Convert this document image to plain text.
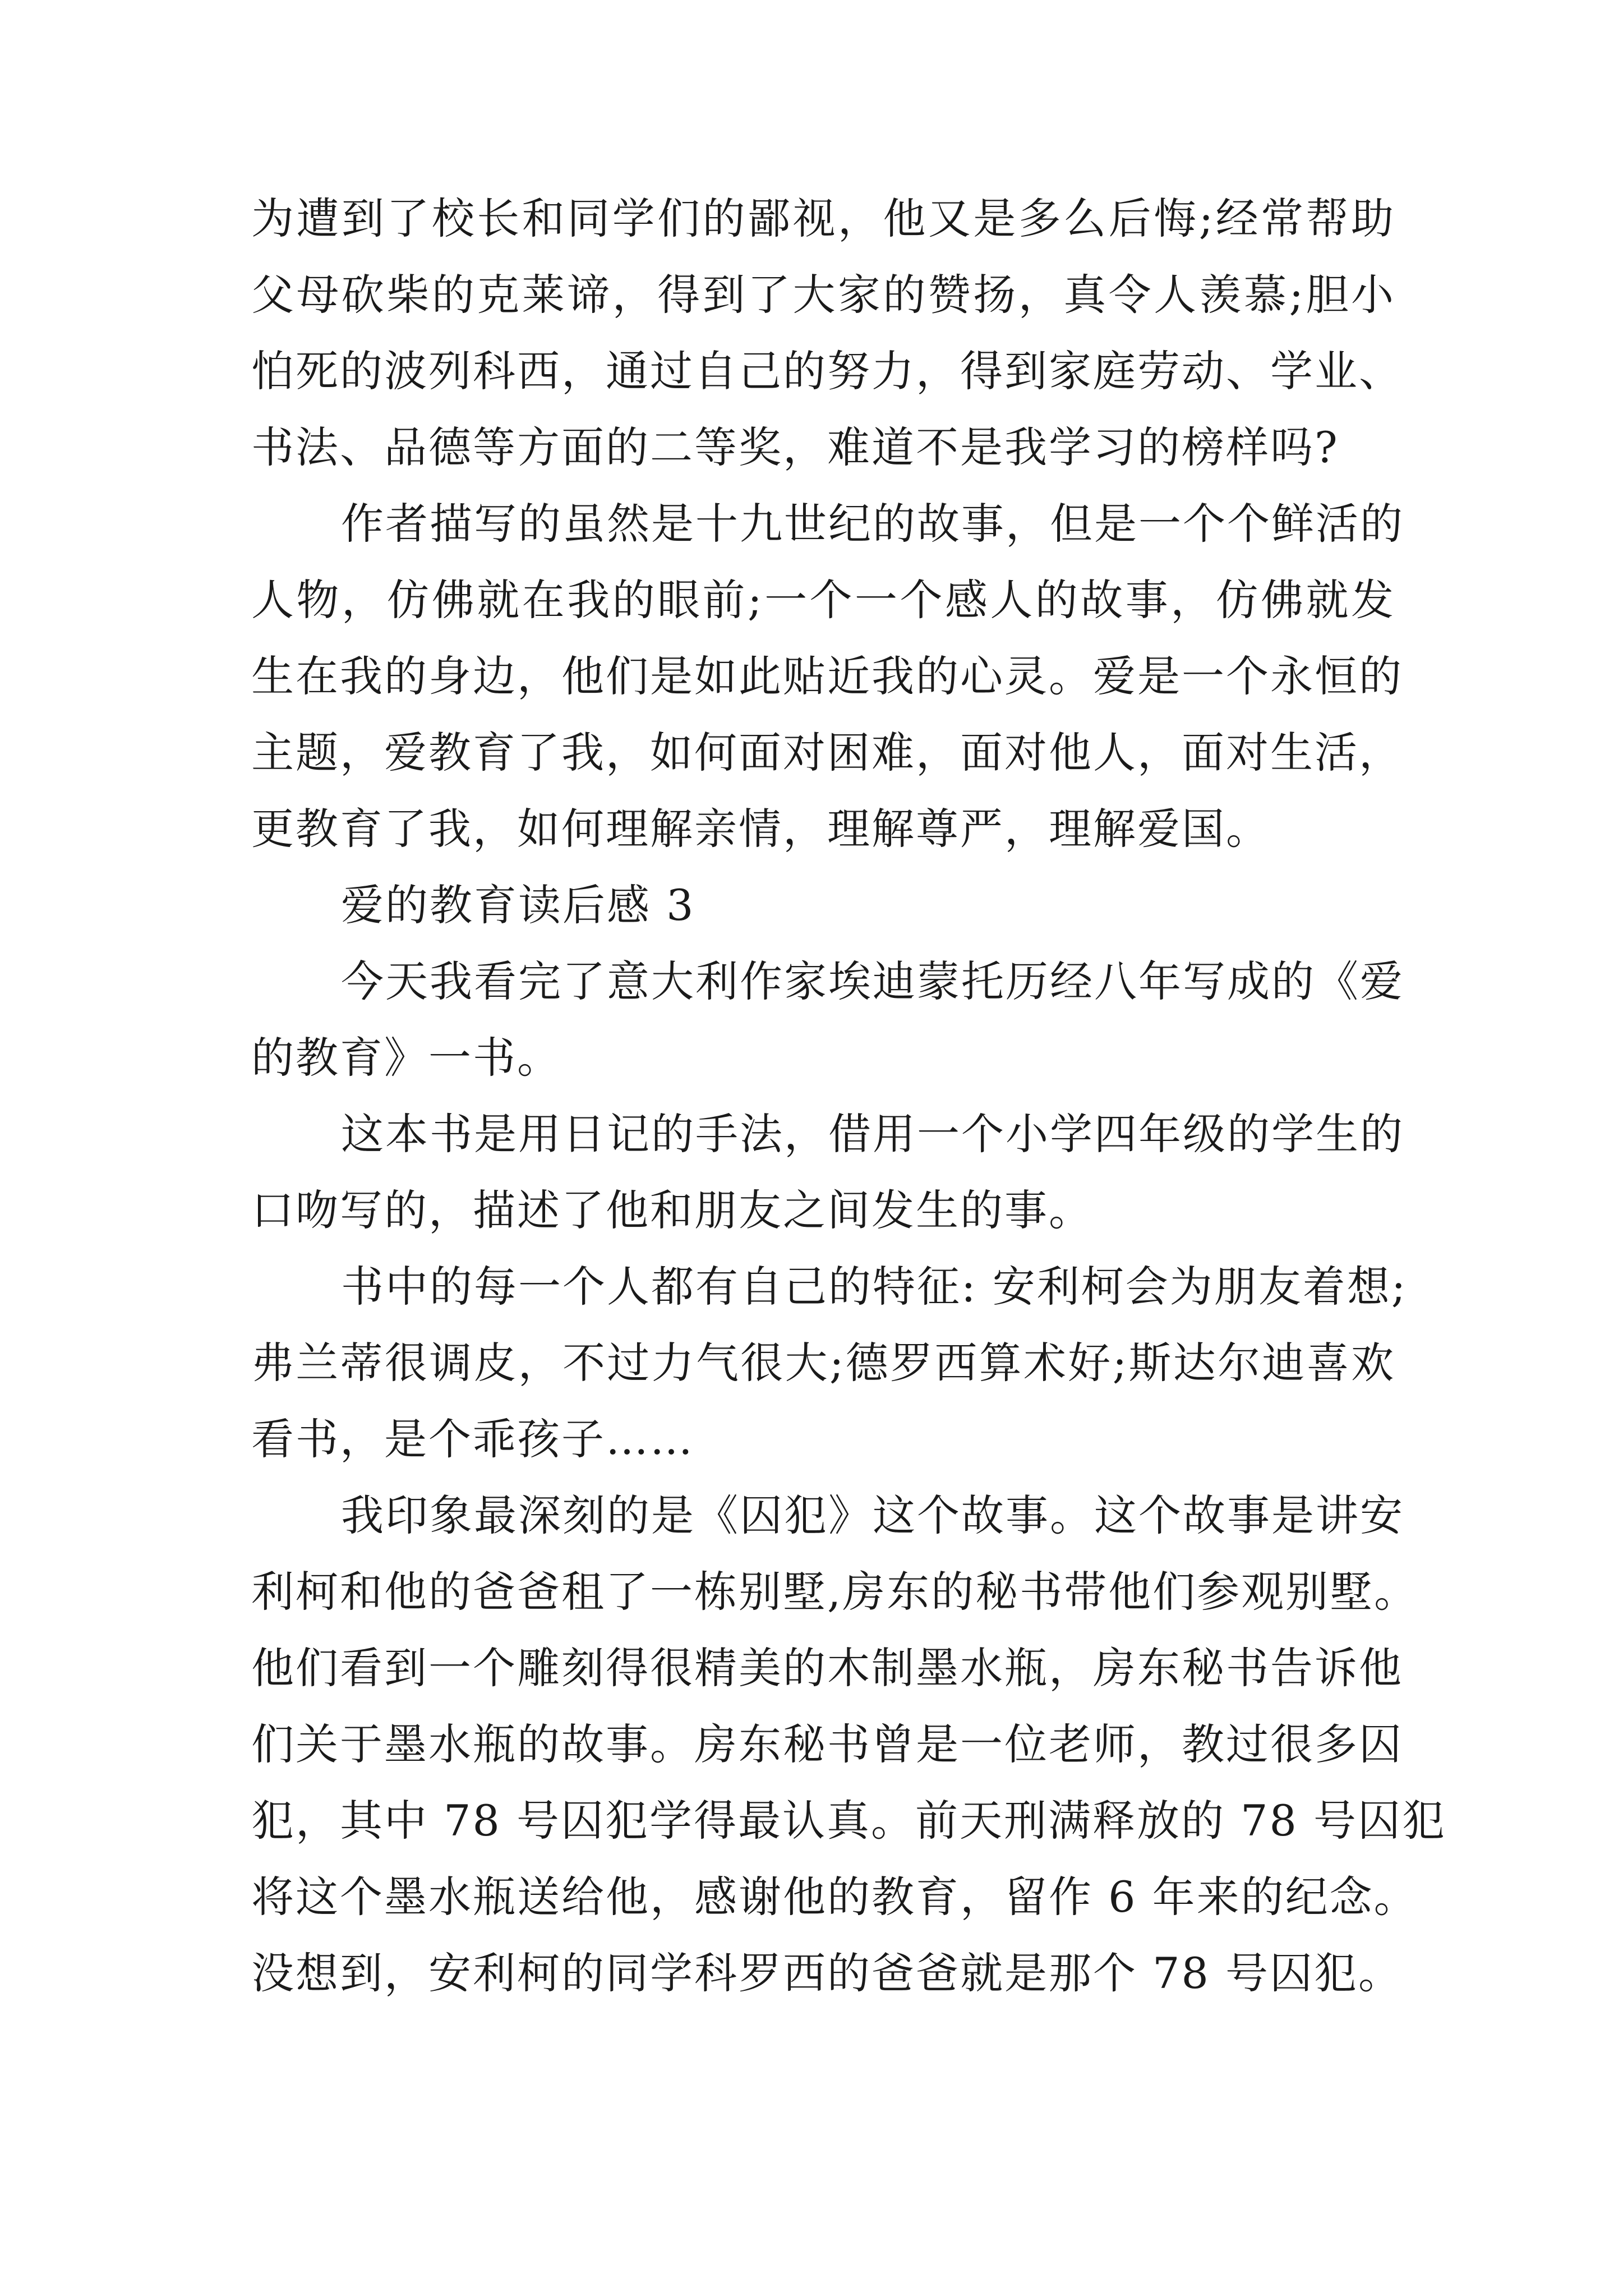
为遭到了校长和同学们的鄙视，他又是多么后悔;经常帮助
父母砍柴的克莱谛，得到了大家的赞扬，真令人羡慕;胆小
怕死的波列科西，通过自己的努力，得到家庭劳动、学业、
书法、品德等方面的二等奖，难道不是我学习的榜样吗?
作者描写的虽然是十九世纪的故事，但是一个个鲜活的
人物，仿佛就在我的眼前;一个一个感人的故事，仿佛就发
生在我的身边，他们是如此贴近我的心灵。爱是一个永恒的
主题，爱教育了我，如何面对困难，面对他人，面对生活，
更教育了我，如何理解亲情，理解尊严，理解爱国。
爱的教育读后感 3
今天我看完了意大利作家埃迪蒙托历经八年写成的《爱
的教育》一书。
这本书是用日记的手法，借用一个小学四年级的学生的
口吻写的，描述了他和朋友之间发生的事。
书中的每一个人都有自己的特征: 安利柯会为朋友着想;
弗兰蒂很调皮，不过力气很大;德罗西算术好;斯达尔迪喜欢
看书，是个乖孩子……
我印象最深刻的是《囚犯》这个故事。这个故事是讲安
利柯和他的爸爸租了一栋别墅,房东的秘书带他们参观别墅。
他们看到一个雕刻得很精美的木制墨水瓶，房东秘书告诉他
们关于墨水瓶的故事。房东秘书曾是一位老师，教过很多囚
犯，其中 78 号囚犯学得最认真。前天刑满释放的 78 号囚犯
将这个墨水瓶送给他，感谢他的教育，留作 6 年来的纪念。
没想到，安利柯的同学科罗西的爸爸就是那个 78 号囚犯。
